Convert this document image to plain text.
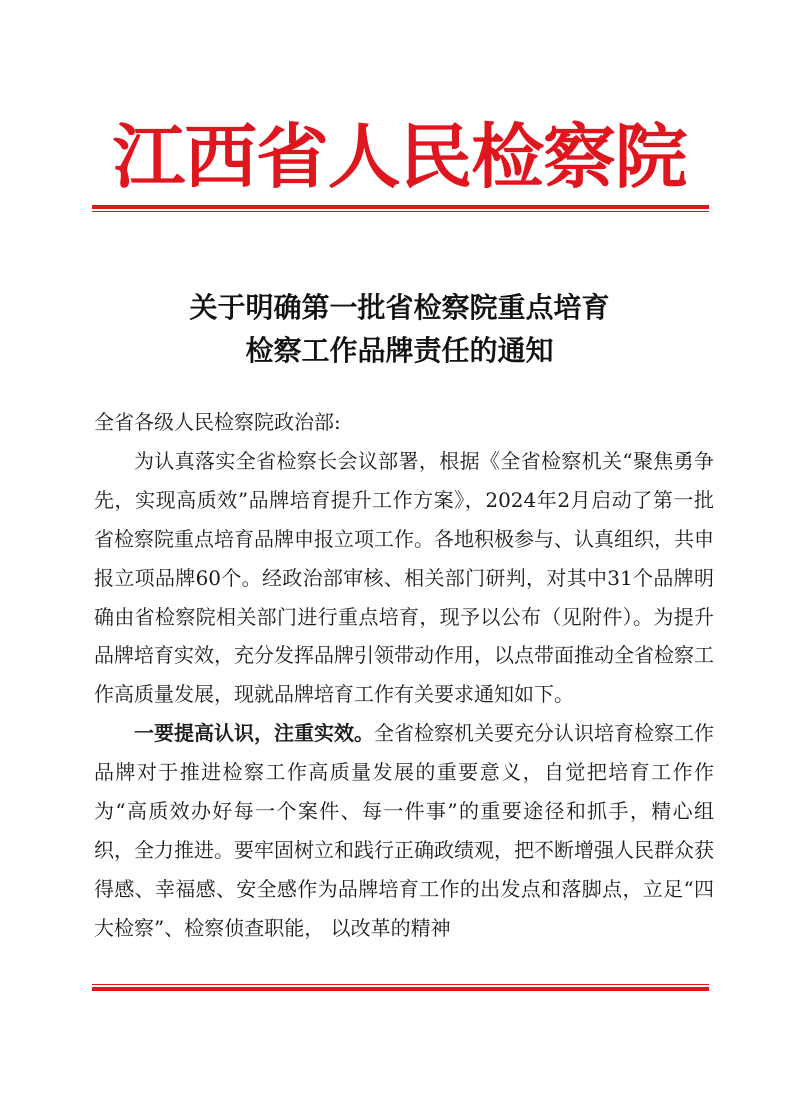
江西省人民检察院
关于明确第一批省检察院重点培育
检察工作品牌责任的通知

全省各级人民检察院政治部:

为认真落实全省检察长会议部署，根据《全省检察机关“聚焦勇争先，实现高质效”品牌培育提升工作方案》，2024年2月启动了第一批省检察院重点培育品牌申报立项工作。各地积极参与、认真组织，共申报立项品牌60个。经政治部审核、相关部门研判，对其中31个品牌明确由省检察院相关部门进行重点培育，现予以公布（见附件）。为提升品牌培育实效，充分发挥品牌引领带动作用，以点带面推动全省检察工作高质量发展，现就品牌培育工作有关要求通知如下。

一要提高认识，注重实效。全省检察机关要充分认识培育检察工作品牌对于推进检察工作高质量发展的重要意义，自觉把培育工作作为“高质效办好每一个案件、每一件事”的重要途径和抓手，精心组织，全力推进。要牢固树立和践行正确政绩观，把不断增强人民群众获得感、幸福感、安全感作为品牌培育工作的出发点和落脚点，立足“四大检察”、检察侦查职能， 以改革的精神
